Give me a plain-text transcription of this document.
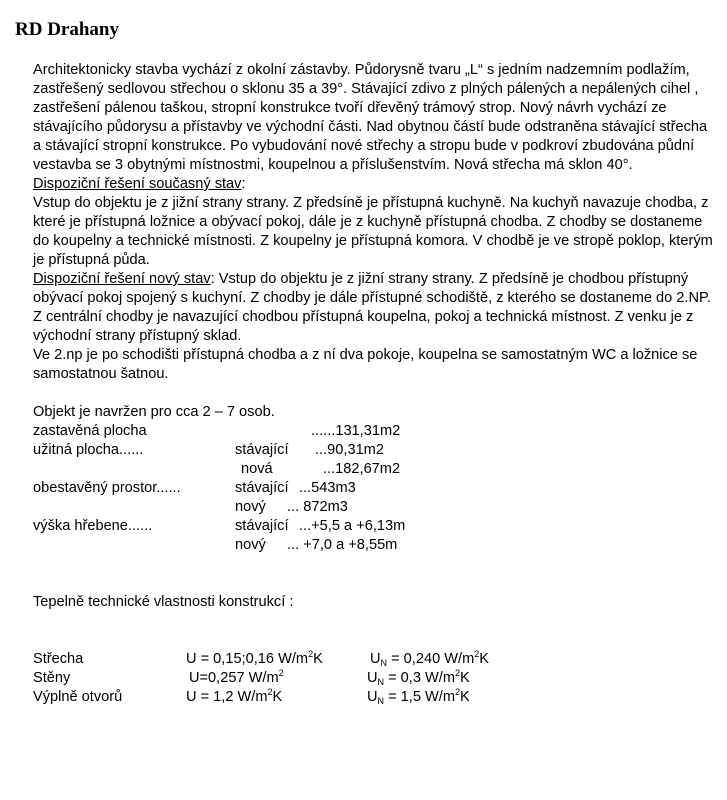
RD Drahany

Architektonicky stavba vychází z okolní zástavby. Půdorysně tvaru „L“ s jedním nadzemním podlažím, zastřešený sedlovou střechou o sklonu 35 a 39°. Stávající zdivo z plných pálených a nepálených cihel , zastřešení pálenou taškou, stropní konstrukce tvoří dřevěný trámový strop. Nový návrh vychází ze stávajícího půdorysu a přístavby ve východní části. Nad obytnou částí bude odstraněna stávající střecha a stávající stropní konstrukce. Po vybudování nové střechy a stropu bude v podkroví zbudována půdní vestavba se 3 obytnými místnostmi, koupelnou a příslušenstvím. Nová střecha má sklon 40°.

Dispoziční řešení současný stav:

Vstup do objektu je z jižní strany strany. Z předsíně je přístupná kuchyně. Na kuchyň navazuje chodba, z které je přístupná ložnice a obývací pokoj, dále je z kuchyně přístupná chodba. Z chodby se dostaneme do koupelny a technické místnosti. Z koupelny je přístupná komora. V chodbě je ve stropě poklop, kterým je přístupná půda.

Dispoziční řešení nový stav: Vstup do objektu je z jižní strany strany. Z předsíně je chodbou přístupný obývací pokoj spojený s kuchyní. Z chodby je dále přístupné schodiště, z kterého se dostaneme do 2.NP. Z centrální chodby je navazující chodbou přístupná koupelna, pokoj a technická místnost. Z venku je z východní strany přístupný sklad.

Ve 2.np je po schodišti přístupná chodba a z ní dva pokoje, koupelna se samostatným WC a ložnice se samostatnou šatnou.

Objekt je navržen pro cca 2 – 7 osob.

zastavěná plocha	......131,31m2
užitná plocha......	stávající ...90,31m2
nová	...182,67m2
obestavěný prostor......	stávající ...543m3
nový ... 872m3
výška hřebene......	stávající ...+5,5 a +6,13m
nový ... +7,0 a +8,55m

Tepelně technické vlastnosti konstrukcí :

Střecha	U = 0,15;0,16 $W/m^2K$	$U_N = 0,240$ $W/m^2K$
Stěny	U=0,257 $W/m^2$	$U_N = 0,3$ $W/m^2K$
Výplně otvorů	U = 1,2 $W/m^2K$	$U_N = 1,5$ $W/m^2K$
